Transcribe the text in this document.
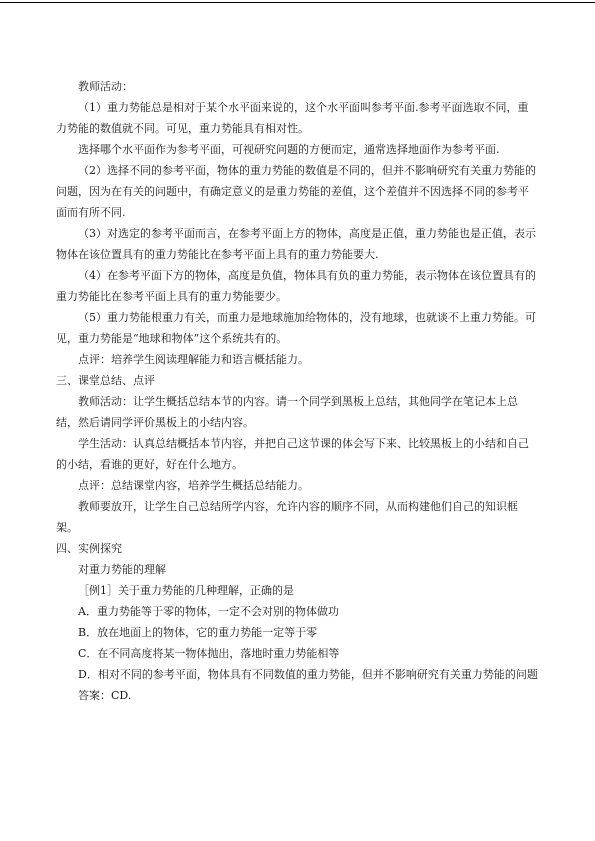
教师活动：

（1）重力势能总是相对于某个水平面来说的，这个水平面叫参考平面.参考平面选取不同，重力势能的数值就不同。可见，重力势能具有相对性。

选择哪个水平面作为参考平面，可视研究问题的方便而定，通常选择地面作为参考平面.

（2）选择不同的参考平面，物体的重力势能的数值是不同的，但并不影响研究有关重力势能的问题，因为在有关的问题中，有确定意义的是重力势能的差值，这个差值并不因选择不同的参考平面而有所不同.

（3）对选定的参考平面而言，在参考平面上方的物体，高度是正值，重力势能也是正值，表示物体在该位置具有的重力势能比在参考平面上具有的重力势能要大.

（4）在参考平面下方的物体，高度是负值，物体具有负的重力势能，表示物体在该位置具有的重力势能比在参考平面上具有的重力势能要少。

（5）重力势能根重力有关，而重力是地球施加给物体的，没有地球，也就谈不上重力势能。可见，重力势能是“地球和物体”这个系统共有的。

点评：培养学生阅读理解能力和语言概括能力。

三、课堂总结、点评

教师活动：让学生概括总结本节的内容。请一个同学到黑板上总结，其他同学在笔记本上总结，然后请同学评价黑板上的小结内容。

学生活动：认真总结概括本节内容，并把自己这节课的体会写下来、比较黑板上的小结和自己的小结，看谁的更好，好在什么地方。

点评：总结课堂内容，培养学生概括总结能力。

教师要放开，让学生自己总结所学内容，允许内容的顺序不同，从而构建他们自己的知识框架。

四、实例探究

对重力势能的理解

［例1］关于重力势能的几种理解，正确的是

A．重力势能等于零的物体，一定不会对别的物体做功

B．放在地面上的物体，它的重力势能一定等于零

C．在不同高度将某一物体抛出，落地时重力势能相等

D．相对不同的参考平面，物体具有不同数值的重力势能，但并不影响研究有关重力势能的问题

答案：CD.
